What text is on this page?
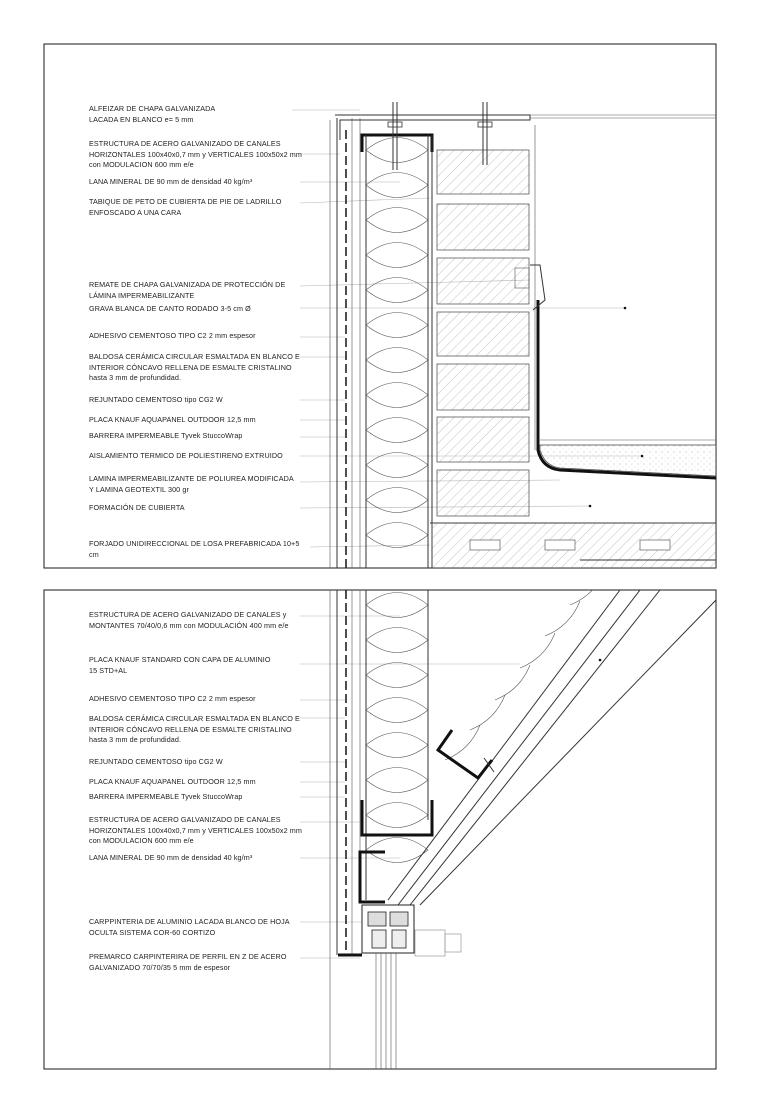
ALFEIZAR DE CHAPA GALVANIZADA
LACADA EN BLANCO e= 5 mm
ESTRUCTURA DE ACERO GALVANIZADO DE CANALES
HORIZONTALES 100x40x0,7 mm y VERTICALES 100x50x2 mm
con MODULACION 600 mm e/e
LANA MINERAL DE 90 mm de densidad 40 kg/m³
TABIQUE DE PETO DE CUBIERTA DE PIE DE LADRILLO
ENFOSCADO A UNA CARA
REMATE DE CHAPA GALVANIZADA DE PROTECCIÓN DE
LÁMINA IMPERMEABILIZANTE
GRAVA BLANCA DE CANTO RODADO 3-5 cm Ø
ADHESIVO CEMENTOSO TIPO C2 2 mm espesor
BALDOSA CERÁMICA CIRCULAR ESMALTADA EN BLANCO E
INTERIOR CÓNCAVO RELLENA DE ESMALTE CRISTALINO
hasta 3 mm de profundidad.
REJUNTADO CEMENTOSO tipo CG2 W
PLACA KNAUF AQUAPANEL OUTDOOR 12,5 mm
BARRERA IMPERMEABLE Tyvek StuccoWrap
AISLAMIENTO TERMICO DE POLIESTIRENO EXTRUIDO
LAMINA IMPERMEABILIZANTE DE POLIUREA MODIFICADA
Y LAMINA GEOTEXTIL 300 gr
FORMACIÓN DE CUBIERTA
FORJADO UNIDIRECCIONAL DE LOSA PREFABRICADA 10+5
cm
ESTRUCTURA DE ACERO GALVANIZADO DE CANALES y
MONTANTES 70/40/0,6 mm con MODULACIÓN 400 mm e/e
PLACA KNAUF STANDARD CON CAPA DE ALUMINIO
15 STD+AL
ADHESIVO CEMENTOSO TIPO C2 2 mm espesor
BALDOSA CERÁMICA CIRCULAR ESMALTADA EN BLANCO E
INTERIOR CÓNCAVO RELLENA DE ESMALTE CRISTALINO
hasta 3 mm de profundidad.
REJUNTADO CEMENTOSO tipo CG2 W
PLACA KNAUF AQUAPANEL OUTDOOR 12,5 mm
BARRERA IMPERMEABLE Tyvek StuccoWrap
ESTRUCTURA DE ACERO GALVANIZADO DE CANALES
HORIZONTALES 100x40x0,7 mm y VERTICALES 100x50x2 mm
con MODULACION 600 mm e/e
LANA MINERAL DE 90 mm de densidad 40 kg/m³
CARPPINTERIA DE ALUMINIO LACADA BLANCO DE HOJA
OCULTA SISTEMA COR-60 CORTIZO
PREMARCO CARPINTERIRA DE PERFIL EN Z DE ACERO
GALVANIZADO 70/70/35 5 mm de espesor
